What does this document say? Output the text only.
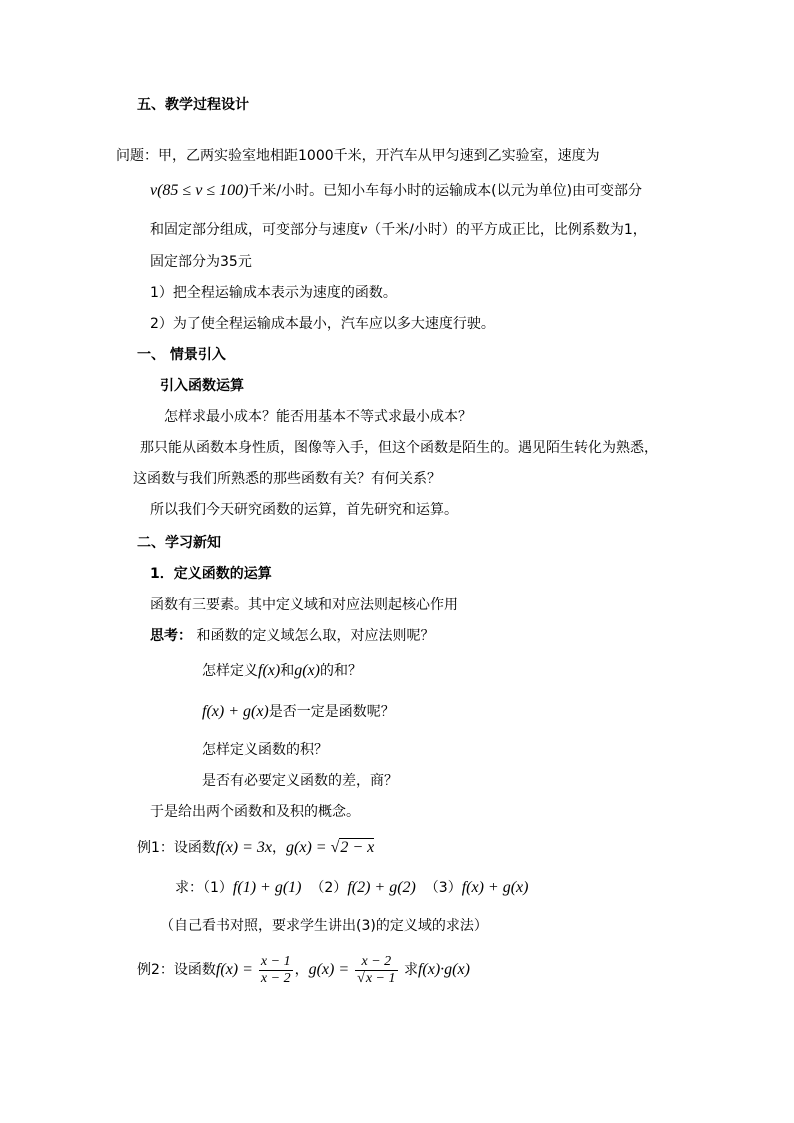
五、教学过程设计
问题：甲，乙两实验室地相距1000千米，开汽车从甲匀速到乙实验室，速度为
v(85 ≤ v ≤ 100)千米/小时。已知小车每小时的运输成本(以元为单位)由可变部分
和固定部分组成，可变部分与速度v（千米/小时）的平方成正比，比例系数为1，
固定部分为35元
1）把全程运输成本表示为速度的函数。
2）为了使全程运输成本最小，汽车应以多大速度行驶。
一、 情景引入
引入函数运算
怎样求最小成本？能否用基本不等式求最小成本？
那只能从函数本身性质，图像等入手，但这个函数是陌生的。遇见陌生转化为熟悉，
这函数与我们所熟悉的那些函数有关？有何关系？
所以我们今天研究函数的运算，首先研究和运算。
二、学习新知
1．定义函数的运算
函数有三要素。其中定义域和对应法则起核心作用
思考： 和函数的定义域怎么取，对应法则呢？
怎样定义f(x)和g(x)的和？
f(x) + g(x)是否一定是函数呢？
怎样定义函数的积？
是否有必要定义函数的差，商？
于是给出两个函数和及积的概念。
例1：设函数f(x) = 3x，g(x) = √2 − x
求：（1）f(1) + g(1) （2）f(2) + g(2) （3）f(x) + g(x)
（自己看书对照，要求学生讲出(3)的定义域的求法）
例2：设函数$f(x) = \frac{x - 1}{x - 2}$ ，$g(x) = \frac{x - 2}{√x - 1}$ 求f(x)·g(x)
